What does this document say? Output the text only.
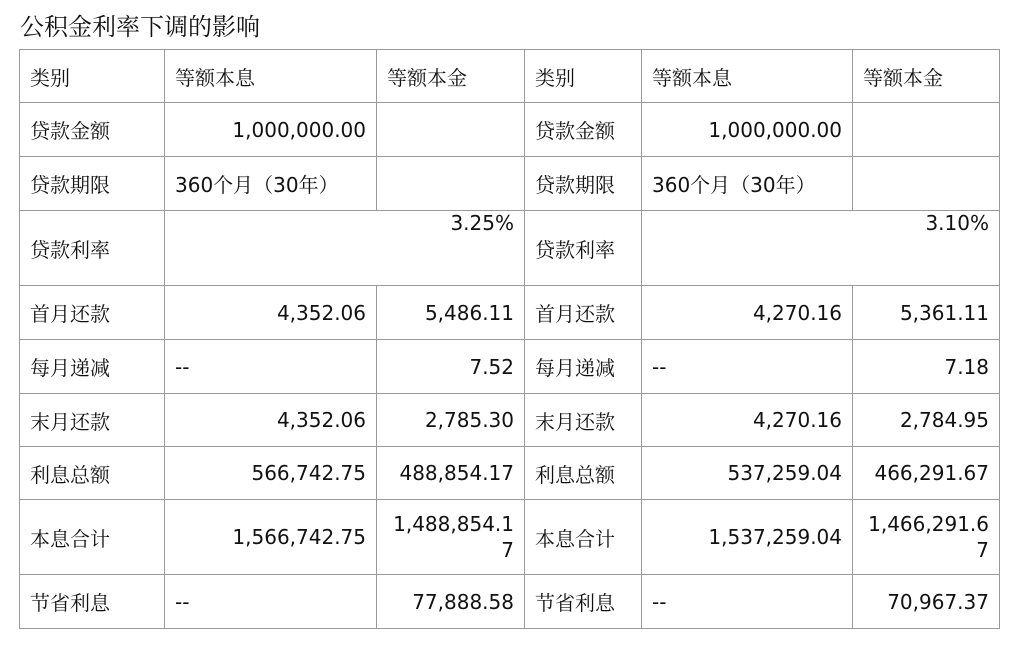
公积金利率下调的影响
类别	等额本息	等额本金	类别	等额本息	等额本金
贷款金额	1,000,000.00		贷款金额	1,000,000.00	
贷款期限	360个月（30年）		贷款期限	360个月（30年）	
贷款利率	3.25%		贷款利率	3.10%	
首月还款	4,352.06	5,486.11	首月还款	4,270.16	5,361.11
每月递减	--	7.52	每月递减	--	7.18
末月还款	4,352.06	2,785.30	末月还款	4,270.16	2,784.95
利息总额	566,742.75	488,854.17	利息总额	537,259.04	466,291.67
本息合计	1,566,742.75	1,488,854.17	本息合计	1,537,259.04	1,466,291.67
节省利息	--	77,888.58	节省利息	--	70,967.37
